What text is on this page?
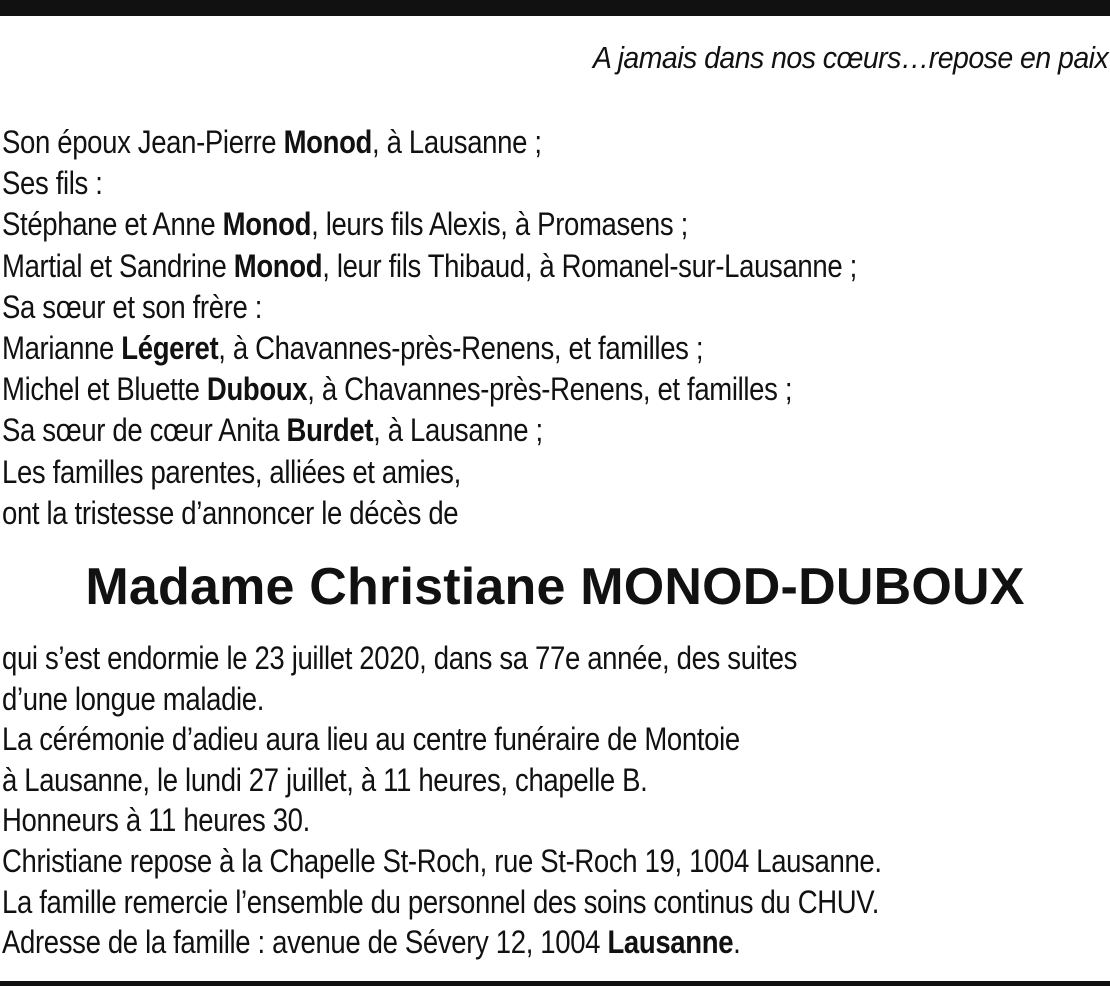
A jamais dans nos cœurs…repose en paix
Son époux Jean-Pierre Monod, à Lausanne ;
Ses fils :
Stéphane et Anne Monod, leurs fils Alexis, à Promasens ;
Martial et Sandrine Monod, leur fils Thibaud, à Romanel-sur-Lausanne ;
Sa sœur et son frère :
Marianne Légeret, à Chavannes-près-Renens, et familles ;
Michel et Bluette Duboux, à Chavannes-près-Renens, et familles ;
Sa sœur de cœur Anita Burdet, à Lausanne ;
Les familles parentes, alliées et amies,
ont la tristesse d’annoncer le décès de
Madame Christiane MONOD-DUBOUX
qui s’est endormie le 23 juillet 2020, dans sa 77e année, des suites
d’une longue maladie.
La cérémonie d’adieu aura lieu au centre funéraire de Montoie
à Lausanne, le lundi 27 juillet, à 11 heures, chapelle B.
Honneurs à 11 heures 30.
Christiane repose à la Chapelle St-Roch, rue St-Roch 19, 1004 Lausanne.
La famille remercie l’ensemble du personnel des soins continus du CHUV.
Adresse de la famille : avenue de Sévery 12, 1004 Lausanne.
